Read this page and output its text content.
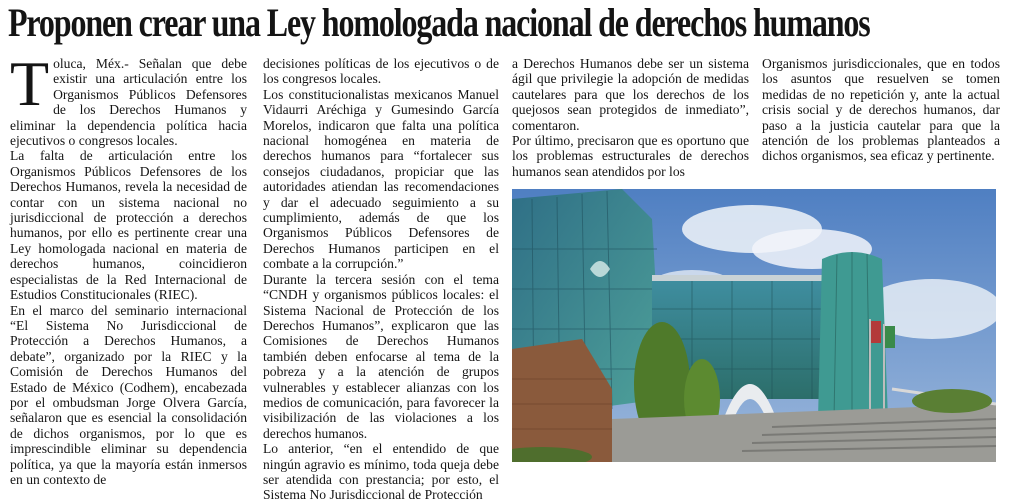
Proponen crear una Ley homologada nacional de derechos humanos

Toluca, Méx.- Señalan que debe existir una articulación entre los Organismos Públicos Defensores de los Derechos Humanos y eliminar la dependencia política hacia ejecutivos o congresos locales.

La falta de articulación entre los Organismos Públicos Defensores de los Derechos Humanos, revela la necesidad de contar con un sistema nacional no jurisdiccional de protección a derechos humanos, por ello es pertinente crear una Ley homologada nacional en materia de derechos humanos, coincidieron especialistas de la Red Internacional de Estudios Constitucionales (RIEC).

En el marco del seminario internacional “El Sistema No Jurisdiccional de Protección a Derechos Humanos, a debate”, organizado por la RIEC y la Comisión de Derechos Humanos del Estado de México (Codhem), encabezada por el ombudsman Jorge Olvera García, señalaron que es esencial la consolidación de dichos organismos, por lo que es imprescindible eliminar su dependencia política, ya que la mayoría están inmersos en un contexto de

decisiones políticas de los ejecutivos o de los congresos locales.

Los constitucionalistas mexicanos Manuel Vidaurri Aréchiga y Gumesindo García Morelos, indicaron que falta una política nacional homogénea en materia de derechos humanos para “fortalecer sus consejos ciudadanos, propiciar que las autoridades atiendan las recomendaciones y dar el adecuado seguimiento a su cumplimiento, además de que los Organismos Públicos Defensores de Derechos Humanos participen en el combate a la corrupción.”

Durante la tercera sesión con el tema “CNDH y organismos públicos locales: el Sistema Nacional de Protección de los Derechos Humanos”, explicaron que las Comisiones de Derechos Humanos también deben enfocarse al tema de la pobreza y a la atención de grupos vulnerables y establecer alianzas con los medios de comunicación, para favorecer la visibilización de las violaciones a los derechos humanos.

Lo anterior, “en el entendido de que ningún agravio es mínimo, toda queja debe ser atendida con prestancia; por esto, el Sistema No Jurisdiccional de Protección

a Derechos Humanos debe ser un sistema ágil que privilegie la adopción de medidas cautelares para que los derechos de los quejosos sean protegidos de inmediato”, comentaron.

Por último, precisaron que es oportuno que los problemas estructurales de derechos humanos sean atendidos por los

Organismos jurisdiccionales, que en todos los asuntos que resuelven se tomen medidas de no repetición y, ante la actual crisis social y de derechos humanos, dar paso a la justicia cautelar para que la atención de los problemas planteados a dichos organismos, sea eficaz y pertinente.
